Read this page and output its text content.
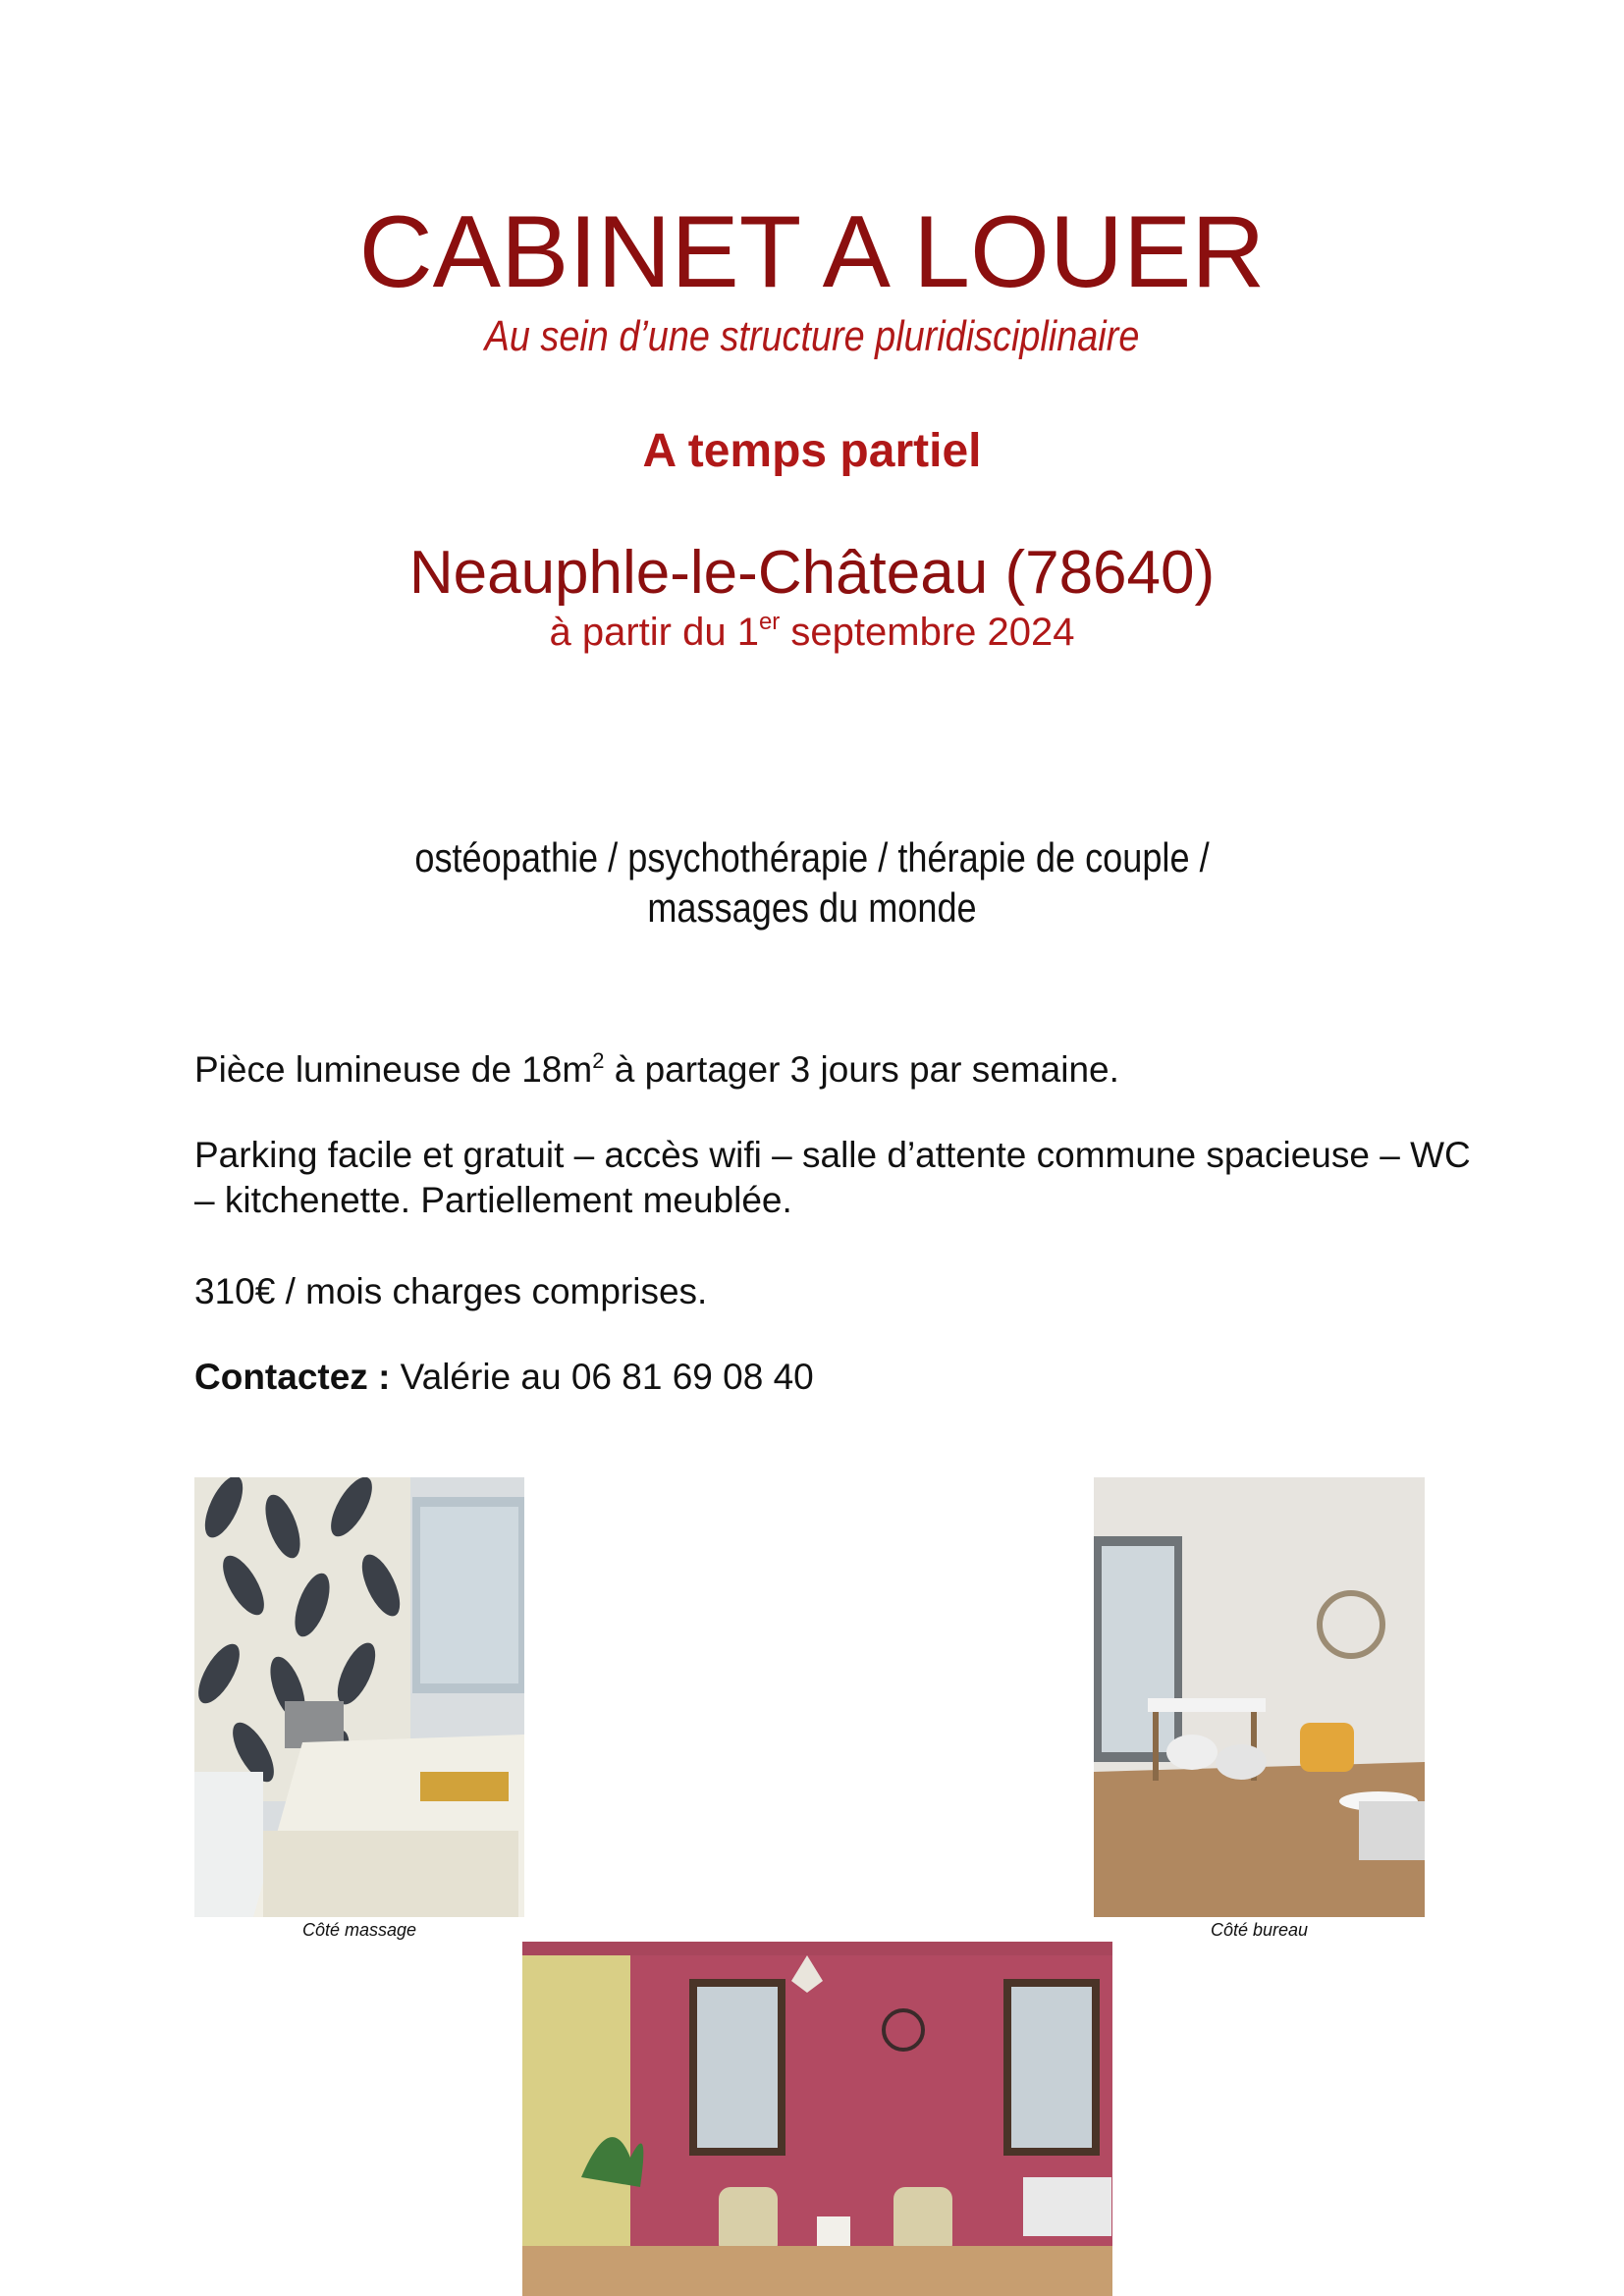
CABINET A LOUER
Au sein d’une structure pluridisciplinaire
A temps partiel
Neauphle-le-Château (78640)
à partir du 1er septembre 2024
ostéopathie / psychothérapie / thérapie de couple /
massages du monde
Pièce lumineuse de $18m^2$ à partager 3 jours par semaine.
Parking facile et gratuit – accès wifi – salle d’attente commune spacieuse – WC – kitchenette. Partiellement meublée.
310€ / mois charges comprises.
Contactez : Valérie au 06 81 69 08 40
Côté massage	Côté bureau
